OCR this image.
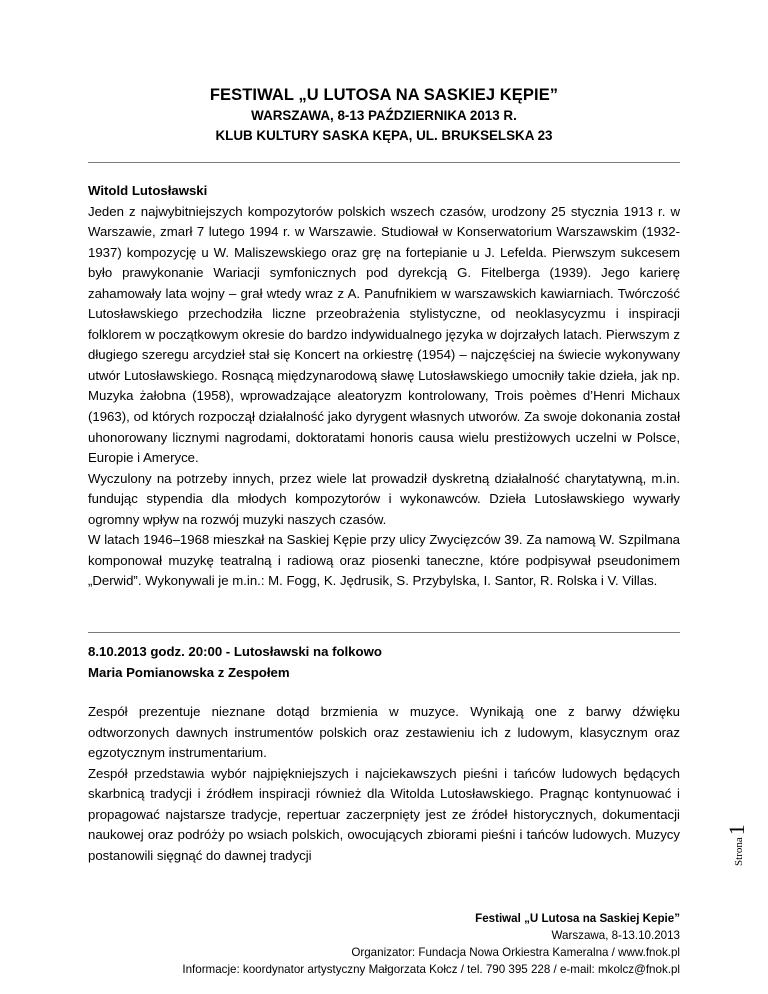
FESTIWAL „U LUTOSA NA SASKIEJ KĘPIE”
WARSZAWA, 8-13 PAŹDZIERNIKA 2013 R.
KLUB KULTURY SASKA KĘPA, UL. BRUKSELSKA 23

Witold Lutosławski

Jeden z najwybitniejszych kompozytorów polskich wszech czasów, urodzony 25 stycznia 1913 r. w Warszawie, zmarł 7 lutego 1994 r. w Warszawie. Studiował w Konserwatorium Warszawskim (1932-1937) kompozycję u W. Maliszewskiego oraz grę na fortepianie u J. Lefelda. Pierwszym sukcesem było prawykonanie Wariacji symfonicznych pod dyrekcją G. Fitelberga (1939). Jego karierę zahamowały lata wojny – grał wtedy wraz z A. Panufnikiem w warszawskich kawiarniach. Twórczość Lutosławskiego przechodziła liczne przeobrażenia stylistyczne, od neoklasycyzmu i inspiracji folklorem w początkowym okresie do bardzo indywidualnego języka w dojrzałych latach. Pierwszym z długiego szeregu arcydzieł stał się Koncert na orkiestrę (1954) – najczęściej na świecie wykonywany utwór Lutosławskiego. Rosnącą międzynarodową sławę Lutosławskiego umocniły takie dzieła, jak np. Muzyka żałobna (1958), wprowadzające aleatoryzm kontrolowany, Trois poèmes d’Henri Michaux (1963), od których rozpoczął działalność jako dyrygent własnych utworów. Za swoje dokonania został uhonorowany licznymi nagrodami, doktoratami honoris causa wielu prestiżowych uczelni w Polsce, Europie i Ameryce.

Wyczulony na potrzeby innych, przez wiele lat prowadził dyskretną działalność charytatywną, m.in. fundując stypendia dla młodych kompozytorów i wykonawców. Dzieła Lutosławskiego wywarły ogromny wpływ na rozwój muzyki naszych czasów.

W latach 1946–1968 mieszkał na Saskiej Kępie przy ulicy Zwycięzców 39. Za namową W. Szpilmana komponował muzykę teatralną i radiową oraz piosenki taneczne, które podpisywał pseudonimem „Derwid”. Wykonywali je m.in.: M. Fogg, K. Jędrusik, S. Przybylska, I. Santor, R. Rolska i V. Villas.

8.10.2013 godz. 20:00 - Lutosławski na folkowo

Maria Pomianowska z Zespołem

Zespół prezentuje nieznane dotąd brzmienia w muzyce. Wynikają one z barwy dźwięku odtworzonych dawnych instrumentów polskich oraz zestawieniu ich z ludowym, klasycznym oraz egzotycznym instrumentarium.

Zespół przedstawia wybór najpiękniejszych i najciekawszych pieśni i tańców ludowych będących skarbnicą tradycji i źródłem inspiracji również dla Witolda Lutosławskiego. Pragnąc kontynuować i propagować najstarsze tradycje, repertuar zaczerpnięty jest ze źródeł historycznych, dokumentacji naukowej oraz podróży po wsiach polskich, owocujących zbiorami pieśni i tańców ludowych. Muzycy postanowili sięgnąć do dawnej tradycji	Strona1
Festiwal „U Lutosa na Saskiej Kepie”
Warszawa, 8-13.10.2013
Organizator: Fundacja Nowa Orkiestra Kameralna / www.fnok.pl
Informacje: koordynator artystyczny Małgorzata Kołcz / tel. 790 395 228 / e-mail: mkolcz@fnok.pl
